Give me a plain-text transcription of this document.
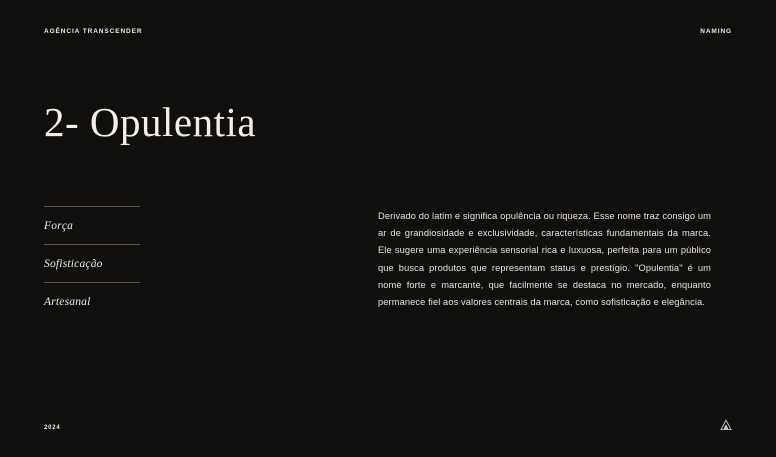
AGÊNCIA TRANSCENDER	NAMING
2- Opulentia
Força
Sofisticação
Artesanal
Derivado do latim e significa opulência ou riqueza. Esse nome traz consigo um ar de grandiosidade e exclusividade, características fundamentais da marca. Ele sugere uma experiência sensorial rica e luxuosa, perfeita para um público que busca produtos que representam status e prestígio. "Opulentia" é um nome forte e marcante, que facilmente se destaca no mercado, enquanto permanece fiel aos valores centrais da marca, como sofisticação e elegância.
2024
